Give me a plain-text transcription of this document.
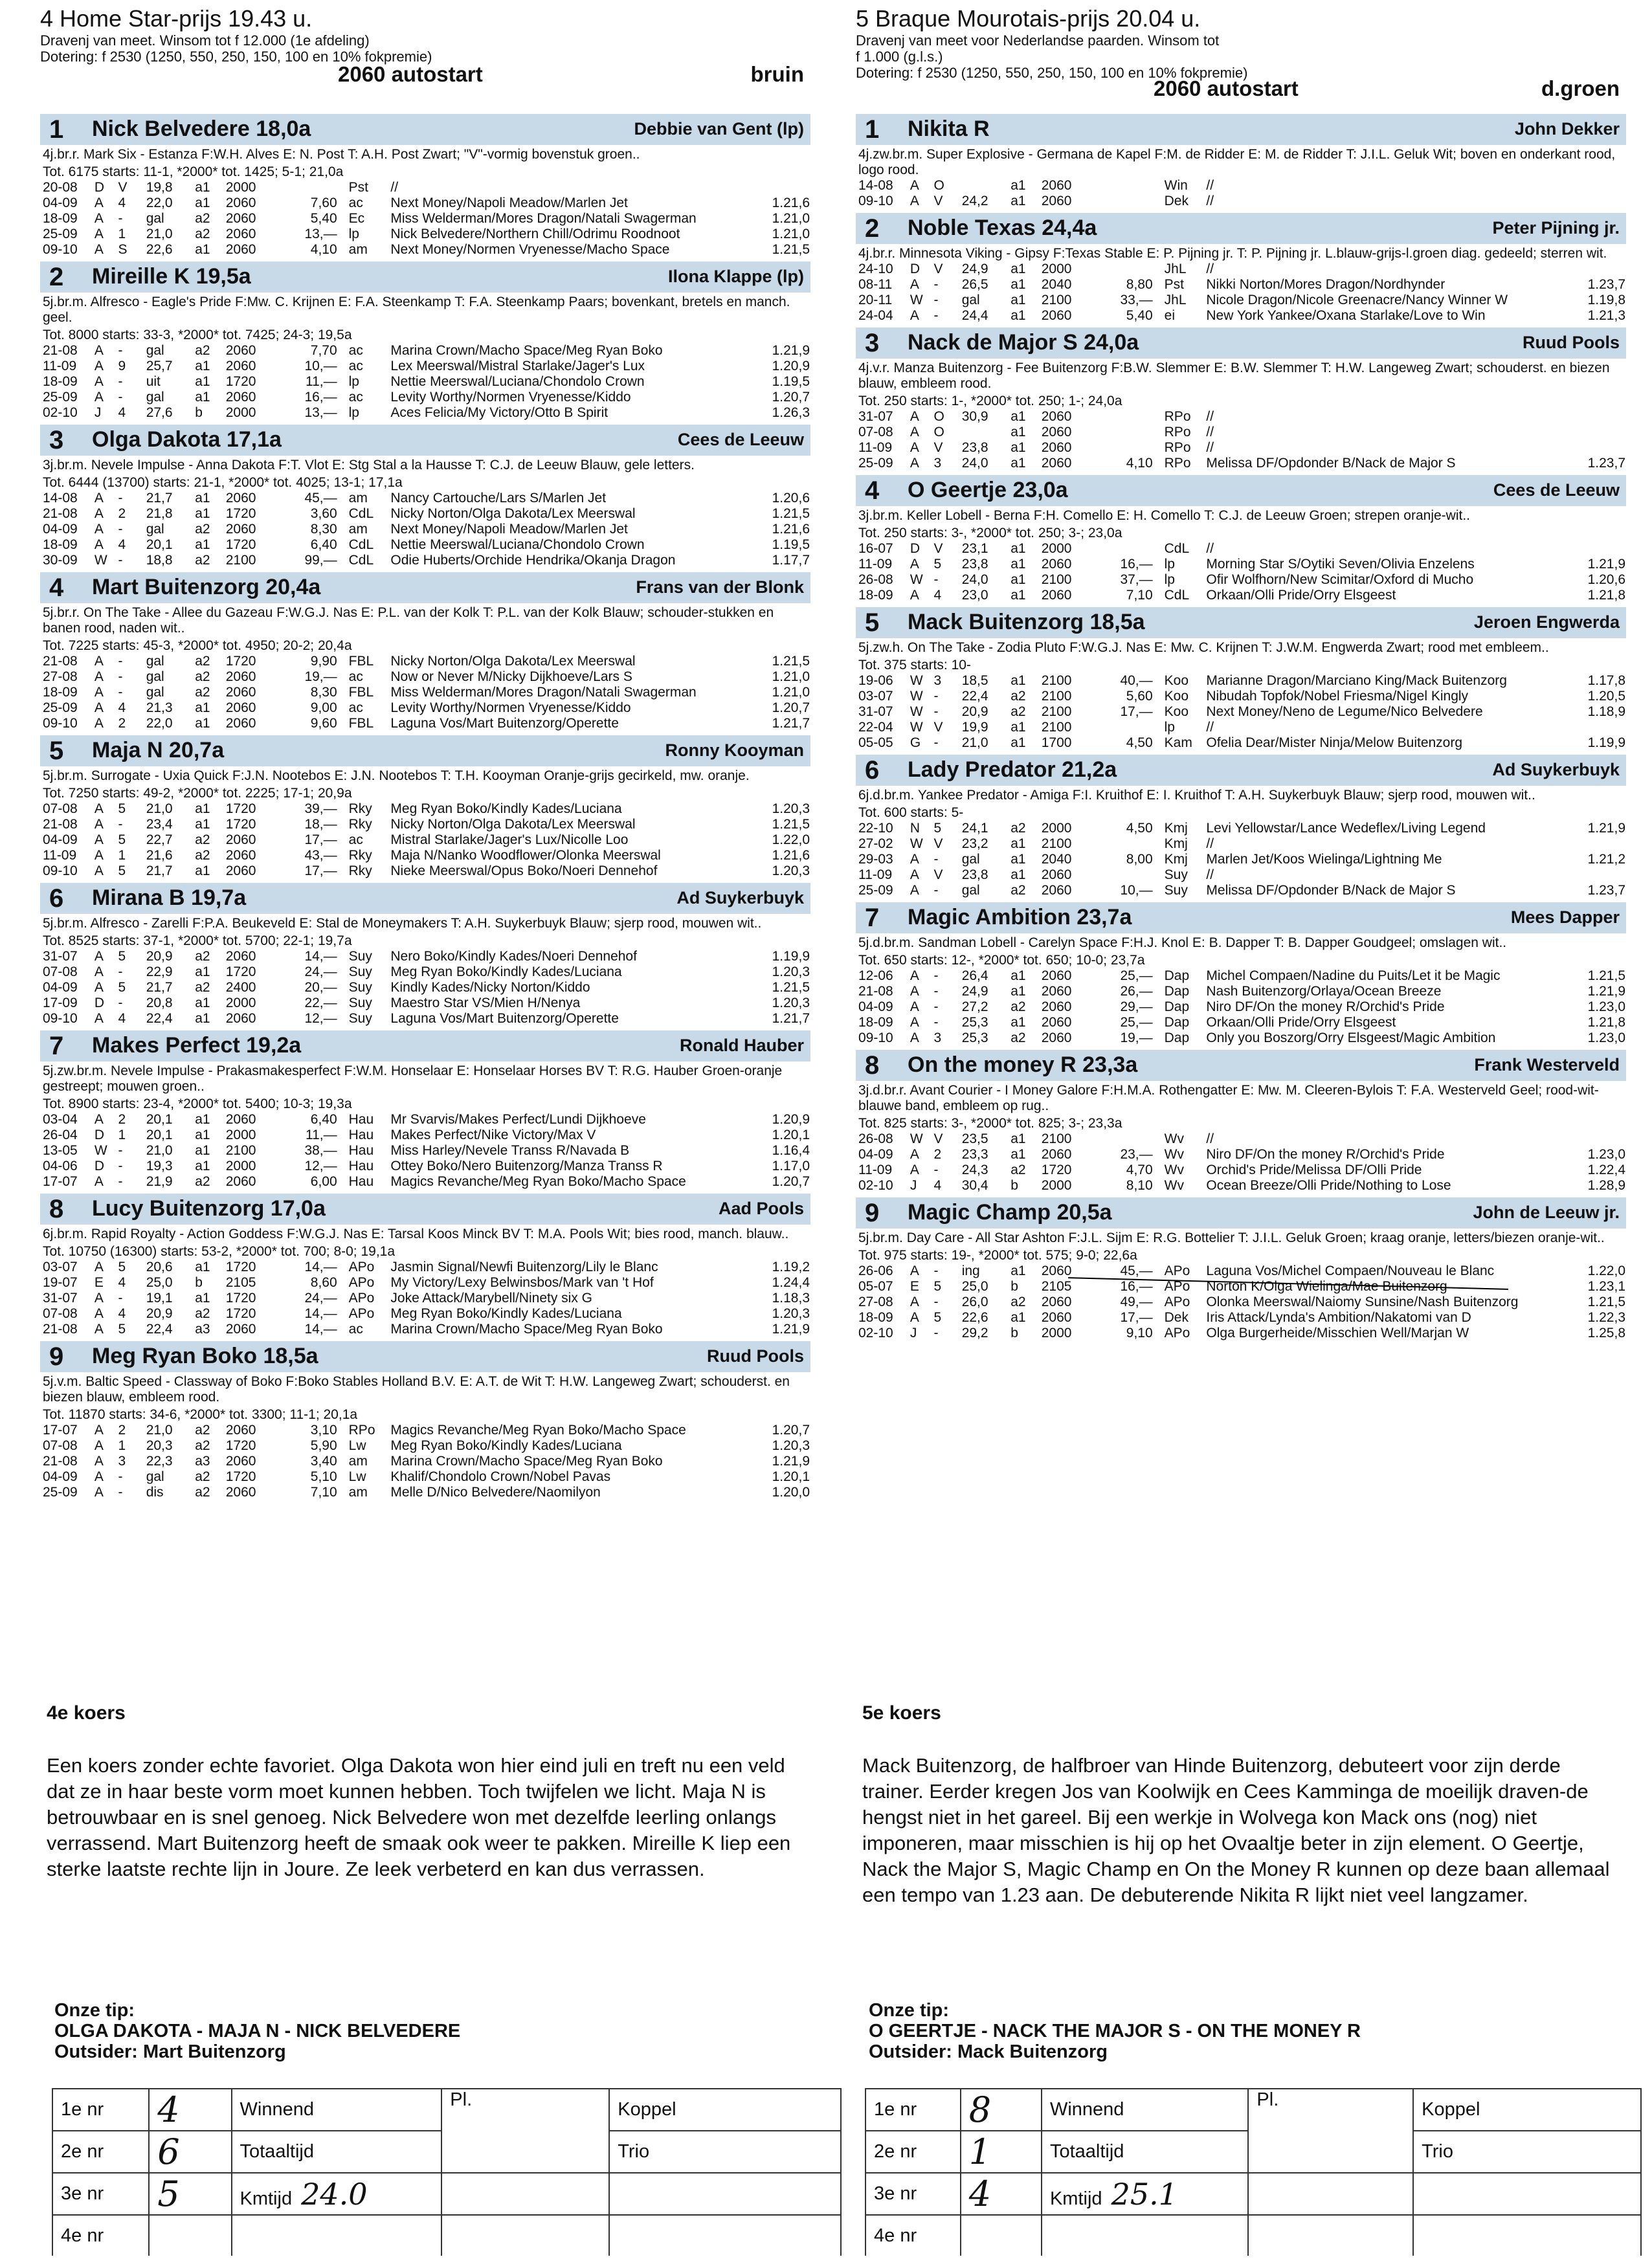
4 Home Star-prijs 19.43 u.

Dravenj van meet. Winsom tot f 12.000 (1e afdeling)

Dotering: f 2530 (1250, 550, 250, 150, 100 en 10% fokpremie)

2060 autostart	bruin
1 Nick Belvedere 18,0a	Debbie van Gent (lp)

4j.br.r. Mark Six - Estanza F:W.H. Alves E: N. Post T: A.H. Post Zwart; "V"-vormig bovenstuk groen..

Tot. 6175 starts: 11-1, *2000* tot. 1425; 5-1; 21,0a

20-08	D	V	19,8	a1	2000		Pst	//	
04-09	A	4	22,0	a1	2060	7,60	ac	Next Money/Napoli Meadow/Marlen Jet	1.21,6
18-09	A	-	gal	a2	2060	5,40	Ec	Miss Welderman/Mores Dragon/Natali Swagerman	1.21,0
25-09	A	1	21,0	a2	2060	13,—	lp	Nick Belvedere/Northern Chill/Odrimu Roodnoot	1.21,0
09-10	A	S	22,6	a1	2060	4,10	am	Next Money/Normen Vryenesse/Macho Space	1.21,5
2 Mireille K 19,5a	Ilona Klappe (lp)

5j.br.m. Alfresco - Eagle's Pride F:Mw. C. Krijnen E: F.A. Steenkamp T: F.A. Steenkamp Paars; bovenkant, bretels en manch. geel.

Tot. 8000 starts: 33-3, *2000* tot. 7425; 24-3; 19,5a

21-08	A	-	gal	a2	2060	7,70	ac	Marina Crown/Macho Space/Meg Ryan Boko	1.21,9
11-09	A	9	25,7	a1	2060	10,—	ac	Lex Meerswal/Mistral Starlake/Jager's Lux	1.20,9
18-09	A	-	uit	a1	1720	11,—	lp	Nettie Meerswal/Luciana/Chondolo Crown	1.19,5
25-09	A	-	gal	a1	2060	16,—	ac	Levity Worthy/Normen Vryenesse/Kiddo	1.20,7
02-10	J	4	27,6	b	2000	13,—	lp	Aces Felicia/My Victory/Otto B Spirit	1.26,3
3 Olga Dakota 17,1a	Cees de Leeuw

3j.br.m. Nevele Impulse - Anna Dakota F:T. Vlot E: Stg Stal a la Hausse T: C.J. de Leeuw Blauw, gele letters.

Tot. 6444 (13700) starts: 21-1, *2000* tot. 4025; 13-1; 17,1a

14-08	A	-	21,7	a1	2060	45,—	am	Nancy Cartouche/Lars S/Marlen Jet	1.20,6
21-08	A	2	21,8	a1	1720	3,60	CdL	Nicky Norton/Olga Dakota/Lex Meerswal	1.21,5
04-09	A	-	gal	a2	2060	8,30	am	Next Money/Napoli Meadow/Marlen Jet	1.21,6
18-09	A	4	20,1	a1	1720	6,40	CdL	Nettie Meerswal/Luciana/Chondolo Crown	1.19,5
30-09	W	-	18,8	a2	2100	99,—	CdL	Odie Huberts/Orchide Hendrika/Okanja Dragon	1.17,7
4 Mart Buitenzorg 20,4a	Frans van der Blonk

5j.br.r. On The Take - Allee du Gazeau F:W.G.J. Nas E: P.L. van der Kolk T: P.L. van der Kolk Blauw; schouder-stukken en banen rood, naden wit..

Tot. 7225 starts: 45-3, *2000* tot. 4950; 20-2; 20,4a

21-08	A	-	gal	a2	1720	9,90	FBL	Nicky Norton/Olga Dakota/Lex Meerswal	1.21,5
27-08	A	-	gal	a2	2060	19,—	ac	Now or Never M/Nicky Dijkhoeve/Lars S	1.21,0
18-09	A	-	gal	a2	2060	8,30	FBL	Miss Welderman/Mores Dragon/Natali Swagerman	1.21,0
25-09	A	4	21,3	a1	2060	9,00	ac	Levity Worthy/Normen Vryenesse/Kiddo	1.20,7
09-10	A	2	22,0	a1	2060	9,60	FBL	Laguna Vos/Mart Buitenzorg/Operette	1.21,7
5 Maja N 20,7a	Ronny Kooyman

5j.br.m. Surrogate - Uxia Quick F:J.N. Nootebos E: J.N. Nootebos T: T.H. Kooyman Oranje-grijs gecirkeld, mw. oranje.

Tot. 7250 starts: 49-2, *2000* tot. 2225; 17-1; 20,9a

07-08	A	5	21,0	a1	1720	39,—	Rky	Meg Ryan Boko/Kindly Kades/Luciana	1.20,3
21-08	A	-	23,4	a1	1720	18,—	Rky	Nicky Norton/Olga Dakota/Lex Meerswal	1.21,5
04-09	A	5	22,7	a2	2060	17,—	ac	Mistral Starlake/Jager's Lux/Nicolle Loo	1.22,0
11-09	A	1	21,6	a2	2060	43,—	Rky	Maja N/Nanko Woodflower/Olonka Meerswal	1.21,6
09-10	A	5	21,7	a1	2060	17,—	Rky	Nieke Meerswal/Opus Boko/Noeri Dennehof	1.20,3
6 Mirana B 19,7a	Ad Suykerbuyk

5j.br.m. Alfresco - Zarelli F:P.A. Beukeveld E: Stal de Moneymakers T: A.H. Suykerbuyk Blauw; sjerp rood, mouwen wit..

Tot. 8525 starts: 37-1, *2000* tot. 5700; 22-1; 19,7a

31-07	A	5	20,9	a2	2060	14,—	Suy	Nero Boko/Kindly Kades/Noeri Dennehof	1.19,9
07-08	A	-	22,9	a1	1720	24,—	Suy	Meg Ryan Boko/Kindly Kades/Luciana	1.20,3
04-09	A	5	21,7	a2	2400	20,—	Suy	Kindly Kades/Nicky Norton/Kiddo	1.21,5
17-09	D	-	20,8	a1	2000	22,—	Suy	Maestro Star VS/Mien H/Nenya	1.20,3
09-10	A	4	22,4	a1	2060	12,—	Suy	Laguna Vos/Mart Buitenzorg/Operette	1.21,7
7 Makes Perfect 19,2a	Ronald Hauber

5j.zw.br.m. Nevele Impulse - Prakasmakesperfect F:W.M. Honselaar E: Honselaar Horses BV T: R.G. Hauber Groen-oranje gestreept; mouwen groen..

Tot. 8900 starts: 23-4, *2000* tot. 5400; 10-3; 19,3a

03-04	A	2	20,1	a1	2060	6,40	Hau	Mr Svarvis/Makes Perfect/Lundi Dijkhoeve	1.20,9
26-04	D	1	20,1	a1	2000	11,—	Hau	Makes Perfect/Nike Victory/Max V	1.20,1
13-05	W	-	21,0	a1	2100	38,—	Hau	Miss Harley/Nevele Transs R/Navada B	1.16,4
04-06	D	-	19,3	a1	2000	12,—	Hau	Ottey Boko/Nero Buitenzorg/Manza Transs R	1.17,0
17-07	A	-	21,9	a2	2060	6,00	Hau	Magics Revanche/Meg Ryan Boko/Macho Space	1.20,7
8 Lucy Buitenzorg 17,0a	Aad Pools

6j.br.m. Rapid Royalty - Action Goddess F:W.G.J. Nas E: Tarsal Koos Minck BV T: M.A. Pools Wit; bies rood, manch. blauw..

Tot. 10750 (16300) starts: 53-2, *2000* tot. 700; 8-0; 19,1a

03-07	A	5	20,6	a1	1720	14,—	APo	Jasmin Signal/Newfi Buitenzorg/Lily le Blanc	1.19,2
19-07	E	4	25,0	b	2105	8,60	APo	My Victory/Lexy Belwinsbos/Mark van 't Hof	1.24,4
31-07	A	-	19,1	a1	1720	24,—	APo	Joke Attack/Marybell/Ninety six G	1.18,3
07-08	A	4	20,9	a2	1720	14,—	APo	Meg Ryan Boko/Kindly Kades/Luciana	1.20,3
21-08	A	5	22,4	a3	2060	14,—	ac	Marina Crown/Macho Space/Meg Ryan Boko	1.21,9
9 Meg Ryan Boko 18,5a	Ruud Pools

5j.v.m. Baltic Speed - Classway of Boko F:Boko Stables Holland B.V. E: A.T. de Wit T: H.W. Langeweg Zwart; schouderst. en biezen blauw, embleem rood.

Tot. 11870 starts: 34-6, *2000* tot. 3300; 11-1; 20,1a

17-07	A	2	21,0	a2	2060	3,10	RPo	Magics Revanche/Meg Ryan Boko/Macho Space	1.20,7
07-08	A	1	20,3	a2	1720	5,90	Lw	Meg Ryan Boko/Kindly Kades/Luciana	1.20,3
21-08	A	3	22,3	a3	2060	3,40	am	Marina Crown/Macho Space/Meg Ryan Boko	1.21,9
04-09	A	-	gal	a2	1720	5,10	Lw	Khalif/Chondolo Crown/Nobel Pavas	1.20,1
25-09	A	-	dis	a2	2060	7,10	am	Melle D/Nico Belvedere/Naomilyon	1.20,0

5 Braque Mourotais-prijs 20.04 u.

Dravenj van meet voor Nederlandse paarden. Winsom tot

f 1.000 (g.l.s.)

Dotering: f 2530 (1250, 550, 250, 150, 100 en 10% fokpremie)

2060 autostart	d.groen
1 Nikita R	John Dekker

4j.zw.br.m. Super Explosive - Germana de Kapel F:M. de Ridder E: M. de Ridder T: J.I.L. Geluk Wit; boven en onderkant rood, logo rood.

14-08	A	O		a1	2060		Win	//	
09-10	A	V	24,2	a1	2060		Dek	//	
2 Noble Texas 24,4a	Peter Pijning jr.

4j.br.r. Minnesota Viking - Gipsy F:Texas Stable E: P. Pijning jr. T: P. Pijning jr. L.blauw-grijs-l.groen diag. gedeeld; sterren wit.

24-10	D	V	24,9	a1	2000		JhL	//	
08-11	A	-	26,5	a1	2040	8,80	Pst	Nikki Norton/Mores Dragon/Nordhynder	1.23,7
20-11	W	-	gal	a1	2100	33,—	JhL	Nicole Dragon/Nicole Greenacre/Nancy Winner W	1.19,8
24-04	A	-	24,4	a1	2060	5,40	ei	New York Yankee/Oxana Starlake/Love to Win	1.21,3
3 Nack de Major S 24,0a	Ruud Pools

4j.v.r. Manza Buitenzorg - Fee Buitenzorg F:B.W. Slemmer E: B.W. Slemmer T: H.W. Langeweg Zwart; schouderst. en biezen blauw, embleem rood.

Tot. 250 starts: 1-, *2000* tot. 250; 1-; 24,0a

31-07	A	O	30,9	a1	2060		RPo	//	
07-08	A	O		a1	2060		RPo	//	
11-09	A	V	23,8	a1	2060		RPo	//	
25-09	A	3	24,0	a1	2060	4,10	RPo	Melissa DF/Opdonder B/Nack de Major S	1.23,7
4 O Geertje 23,0a	Cees de Leeuw

3j.br.m. Keller Lobell - Berna F:H. Comello E: H. Comello T: C.J. de Leeuw Groen; strepen oranje-wit..

Tot. 250 starts: 3-, *2000* tot. 250; 3-; 23,0a

16-07	D	V	23,1	a1	2000		CdL	//	
11-09	A	5	23,8	a1	2060	16,—	lp	Morning Star S/Oytiki Seven/Olivia Enzelens	1.21,9
26-08	W	-	24,0	a1	2100	37,—	lp	Ofir Wolfhorn/New Scimitar/Oxford di Mucho	1.20,6
18-09	A	4	23,0	a1	2060	7,10	CdL	Orkaan/Olli Pride/Orry Elsgeest	1.21,8
5 Mack Buitenzorg 18,5a	Jeroen Engwerda

5j.zw.h. On The Take - Zodia Pluto F:W.G.J. Nas E: Mw. C. Krijnen T: J.W.M. Engwerda Zwart; rood met embleem..

Tot. 375 starts: 10-

19-06	W	3	18,5	a1	2100	40,—	Koo	Marianne Dragon/Marciano King/Mack Buitenzorg	1.17,8
03-07	W	-	22,4	a2	2100	5,60	Koo	Nibudah Topfok/Nobel Friesma/Nigel Kingly	1.20,5
31-07	W	-	20,9	a2	2100	17,—	Koo	Next Money/Neno de Legume/Nico Belvedere	1.18,9
22-04	W	V	19,9	a1	2100		lp	//	
05-05	G	-	21,0	a1	1700	4,50	Kam	Ofelia Dear/Mister Ninja/Melow Buitenzorg	1.19,9
6 Lady Predator 21,2a	Ad Suykerbuyk

6j.d.br.m. Yankee Predator - Amiga F:I. Kruithof E: I. Kruithof T: A.H. Suykerbuyk Blauw; sjerp rood, mouwen wit..

Tot. 600 starts: 5-

22-10	N	5	24,1	a2	2000	4,50	Kmj	Levi Yellowstar/Lance Wedeflex/Living Legend	1.21,9
27-02	W	V	23,2	a1	2100		Kmj	//	
29-03	A	-	gal	a1	2040	8,00	Kmj	Marlen Jet/Koos Wielinga/Lightning Me	1.21,2
11-09	A	V	23,8	a1	2060		Suy	//	
25-09	A	-	gal	a2	2060	10,—	Suy	Melissa DF/Opdonder B/Nack de Major S	1.23,7
7 Magic Ambition 23,7a	Mees Dapper

5j.d.br.m. Sandman Lobell - Carelyn Space F:H.J. Knol E: B. Dapper T: B. Dapper Goudgeel; omslagen wit..

Tot. 650 starts: 12-, *2000* tot. 650; 10-0; 23,7a

12-06	A	-	26,4	a1	2060	25,—	Dap	Michel Compaen/Nadine du Puits/Let it be Magic	1.21,5
21-08	A	-	24,9	a1	2060	26,—	Dap	Nash Buitenzorg/Orlaya/Ocean Breeze	1.21,9
04-09	A	-	27,2	a2	2060	29,—	Dap	Niro DF/On the money R/Orchid's Pride	1.23,0
18-09	A	-	25,3	a1	2060	25,—	Dap	Orkaan/Olli Pride/Orry Elsgeest	1.21,8
09-10	A	3	25,3	a2	2060	19,—	Dap	Only you Boszorg/Orry Elsgeest/Magic Ambition	1.23,0
8 On the money R 23,3a	Frank Westerveld

3j.d.br.r. Avant Courier - I Money Galore F:H.M.A. Rothengatter E: Mw. M. Cleeren-Bylois T: F.A. Westerveld Geel; rood-wit-blauwe band, embleem op rug..

Tot. 825 starts: 3-, *2000* tot. 825; 3-; 23,3a

26-08	W	V	23,5	a1	2100		Wv	//	
04-09	A	2	23,3	a1	2060	23,—	Wv	Niro DF/On the money R/Orchid's Pride	1.23,0
11-09	A	-	24,3	a2	1720	4,70	Wv	Orchid's Pride/Melissa DF/Olli Pride	1.22,4
02-10	J	4	30,4	b	2000	8,10	Wv	Ocean Breeze/Olli Pride/Nothing to Lose	1.28,9
9 Magic Champ 20,5a	John de Leeuw jr.

5j.br.m. Day Care - All Star Ashton F:J.L. Sijm E: R.G. Bottelier T: J.I.L. Geluk Groen; kraag oranje, letters/biezen oranje-wit..

Tot. 975 starts: 19-, *2000* tot. 575; 9-0; 22,6a

26-06	A	-	ing	a1	2060	45,—	APo	Laguna Vos/Michel Compaen/Nouveau le Blanc	1.22,0
05-07	E	5	25,0	b	2105	16,—	APo	Norton K/Olga Wielinga/Mae Buitenzorg	1.23,1
27-08	A	-	26,0	a2	2060	49,—	APo	Olonka Meerswal/Naiomy Sunsine/Nash Buitenzorg	1.21,5
18-09	A	5	22,6	a1	2060	17,—	Dek	Iris Attack/Lynda's Ambition/Nakatomi van D	1.22,3
02-10	J	-	29,2	b	2000	9,10	APo	Olga Burgerheide/Misschien Well/Marjan W	1.25,8

4e koers

Een koers zonder echte favoriet. Olga Dakota won hier eind juli en treft nu een veld dat ze in haar beste vorm moet kunnen hebben. Toch twijfelen we licht. Maja N is betrouwbaar en is snel genoeg. Nick Belvedere won met dezelfde leerling onlangs verrassend. Mart Buitenzorg heeft de smaak ook weer te pakken. Mireille K liep een sterke laatste rechte lijn in Joure. Ze leek verbeterd en kan dus verrassen.

5e koers

Mack Buitenzorg, de halfbroer van Hinde Buitenzorg, debuteert voor zijn derde trainer. Eerder kregen Jos van Koolwijk en Cees Kamminga de moeilijk draven-de hengst niet in het gareel. Bij een werkje in Wolvega kon Mack ons (nog) niet imponeren, maar misschien is hij op het Ovaaltje beter in zijn element. O Geertje, Nack the Major S, Magic Champ en On the Money R kunnen op deze baan allemaal een tempo van 1.23 aan. De debuterende Nikita R lijkt niet veel langzamer.

Onze tip:

OLGA DAKOTA - MAJA N - NICK BELVEDERE

Outsider: Mart Buitenzorg

Onze tip:

O GEERTJE - NACK THE MAJOR S - ON THE MONEY R

Outsider: Mack Buitenzorg

1e nr	4	Winnend	Pl.	Koppel
2e nr	6	Totaaltijd		Trio
3e nr	5	Kmtijd 24.0		
4e nr				
1e nr	8	Winnend	Pl.	Koppel
2e nr	1	Totaaltijd		Trio
3e nr	4	Kmtijd 25.1		
4e nr				
